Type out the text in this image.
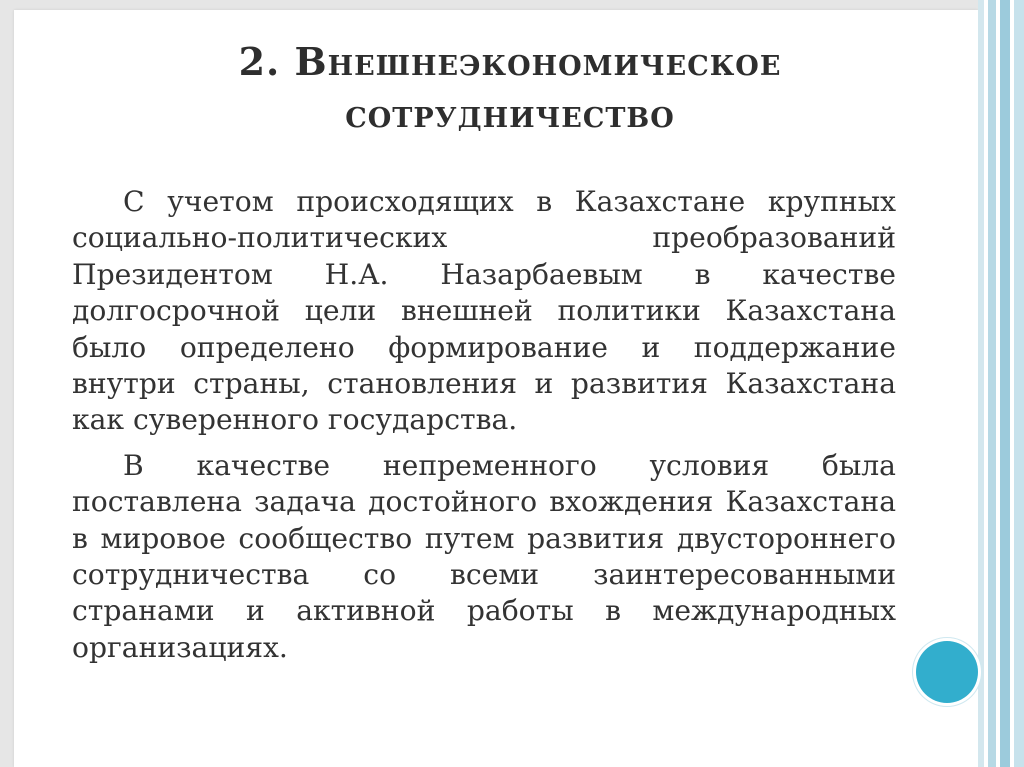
2. Внешнеэкономическое
сотрудничество

С учетом происходящих в Казахстане крупных социально-политических преобразований Президентом Н.А. Назарбаевым в качестве долгосрочной цели внешней политики Казахстана было определено формирование и поддержание внутри страны, становления и развития Казахстана как суверенного государства.

В качестве непременного условия была поставлена задача достойного вхождения Казахстана в мировое сообщество путем развития двустороннего сотрудничества со всеми заинтересованными странами и активной работы в международных организациях.
